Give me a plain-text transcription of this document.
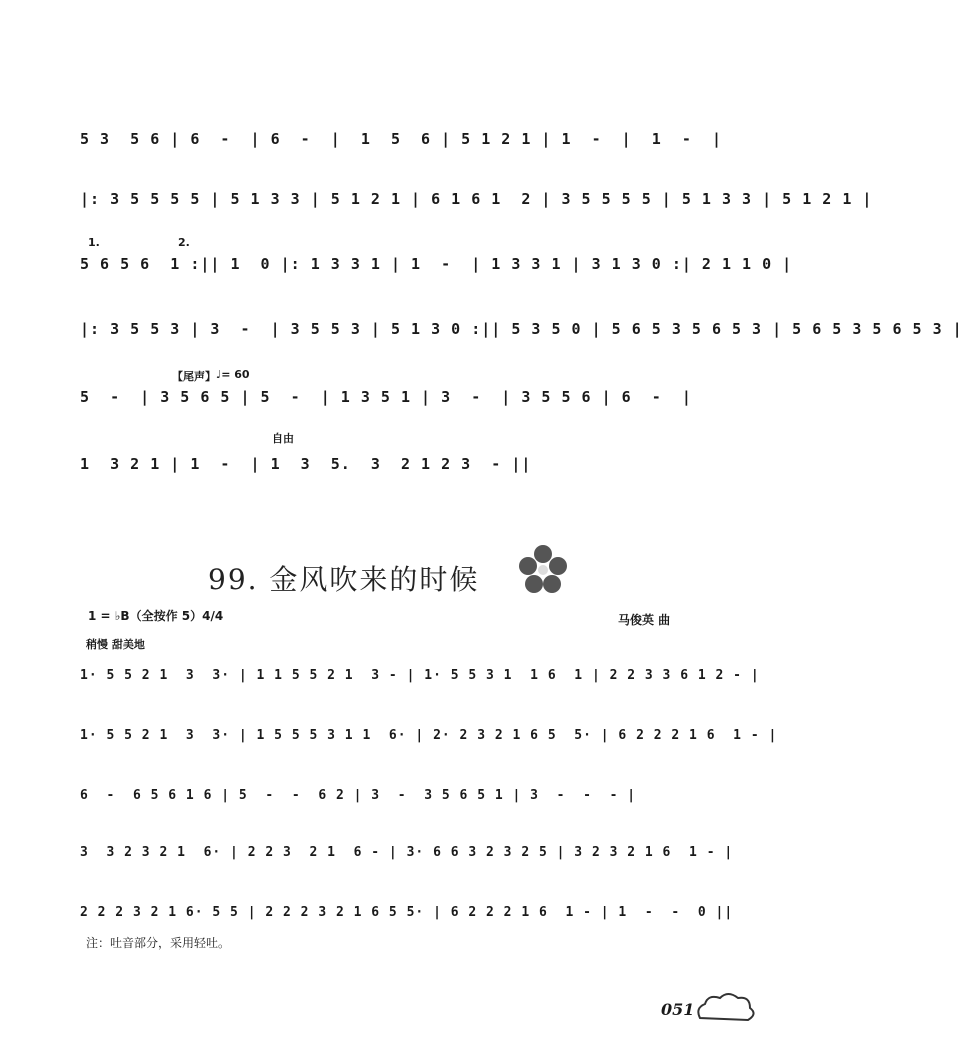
5 3  5 6 | 6  -  | 6  -  |  1  5  6 | 5 1 2 1 | 1  -  |  1  -  |
|: 3 5 5 5 5 | 5 1 3 3 | 5 1 2 1 | 6 1 6 1  2 | 3 5 5 5 5 | 5 1 3 3 | 5 1 2 1 |
1.	2.
5 6 5 6  1 :|| 1  0 |: 1 3 3 1 | 1  -  | 1 3 3 1 | 3 1 3 0 :| 2 1 1 0 |
|: 3 5 5 3 | 3  -  | 3 5 5 3 | 5 1 3 0 :|| 5 3 5 0 | 5 6 5 3 5 6 5 3 | 5 6 5 3 5 6 5 3 |
【尾声】 ♩= 60
5  -  | 3 5 6 5 | 5  -  | 1 3 5 1 | 3  -  | 3 5 5 6 | 6  -  |
自由
1  3 2 1 | 1  -  | 1  3  5.  3  2 1 2 3  - ||
99. 金风吹来的时候
1 = ♭B（全按作 5）4/4	马俊英 曲
稍慢 甜美地
1· 5 5 2 1  3  3· | 1 1 5 5 2 1  3 - | 1· 5 5 3 1  1 6  1 | 2 2 3 3 6 1 2 - |
1· 5 5 2 1  3  3· | 1 5 5 5 3 1 1  6· | 2· 2 3 2 1 6 5  5· | 6 2 2 2 1 6  1 - |
6  -  6 5 6 1 6 | 5  -  -  6 2 | 3  -  3 5 6 5 1 | 3  -  -  - |
3  3 2 3 2 1  6· | 2 2 3  2 1  6 - | 3· 6 6 3 2 3 2 5 | 3 2 3 2 1 6  1 - |
2 2 2 3 2 1 6· 5 5 | 2 2 2 3 2 1 6 5 5· | 6 2 2 2 1 6  1 - | 1  -  -  0 ||
注：吐音部分，采用轻吐。
051
